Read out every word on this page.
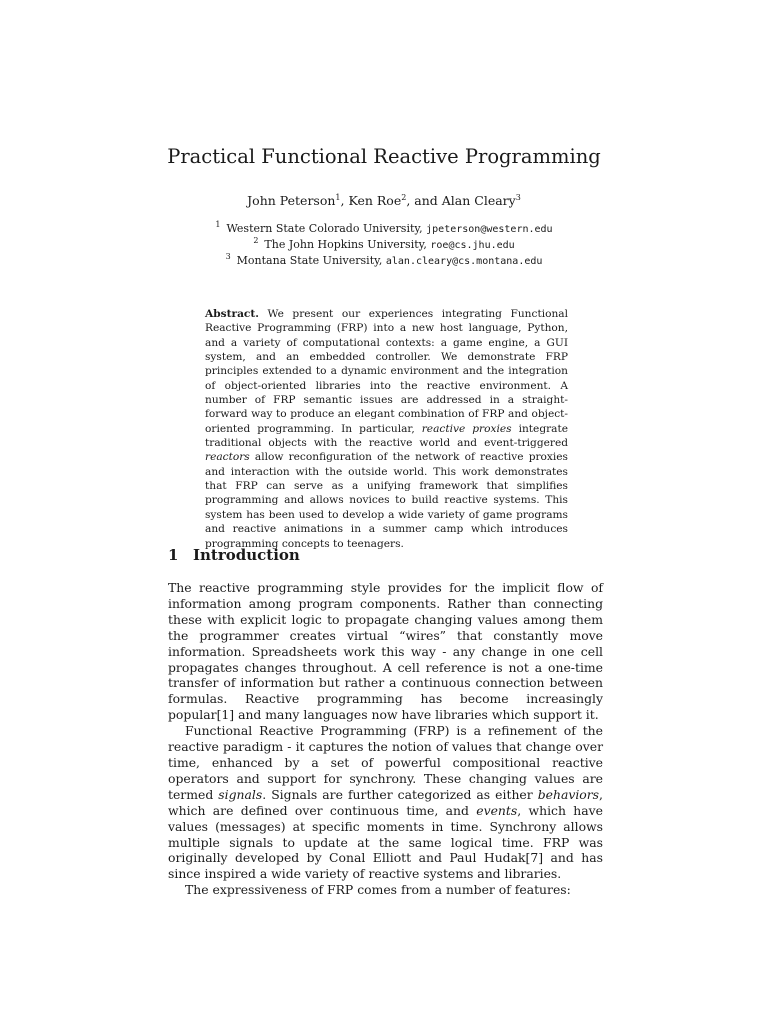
Practical Functional Reactive Programming
John Peterson$^1$, Ken Roe$^2$, and Alan Cleary$^3$
$^1$ Western State Colorado University, jpeterson@western.edu
$^2$ The John Hopkins University, roe@cs.jhu.edu
$^3$ Montana State University, alan.cleary@cs.montana.edu
Abstract. We present our experiences integrating Functional Reactive Programming (FRP) into a new host language, Python, and a variety of computational contexts: a game engine, a GUI system, and an embedded controller. We demonstrate FRP principles extended to a dynamic environment and the integration of object-oriented libraries into the reactive environment. A number of FRP semantic issues are addressed in a straight-forward way to produce an elegant combination of FRP and object-oriented programming. In particular, reactive proxies integrate traditional objects with the reactive world and event-triggered reactors allow reconfiguration of the network of reactive proxies and interaction with the outside world. This work demonstrates that FRP can serve as a unifying framework that simplifies programming and allows novices to build reactive systems. This system has been used to develop a wide variety of game programs and reactive animations in a summer camp which introduces programming concepts to teenagers.
1 Introduction

The reactive programming style provides for the implicit flow of information among program components. Rather than connecting these with explicit logic to propagate changing values among them the programmer creates virtual “wires” that constantly move information. Spreadsheets work this way - any change in one cell propagates changes throughout. A cell reference is not a one-time transfer of information but rather a continuous connection between formulas. Reactive programming has become increasingly popular[1] and many languages now have libraries which support it.

Functional Reactive Programming (FRP) is a refinement of the reactive paradigm - it captures the notion of values that change over time, enhanced by a set of powerful compositional reactive operators and support for synchrony. These changing values are termed signals. Signals are further categorized as either behaviors, which are defined over continuous time, and events, which have values (messages) at specific moments in time. Synchrony allows multiple signals to update at the same logical time. FRP was originally developed by Conal Elliott and Paul Hudak[7] and has since inspired a wide variety of reactive systems and libraries.

The expressiveness of FRP comes from a number of features:
